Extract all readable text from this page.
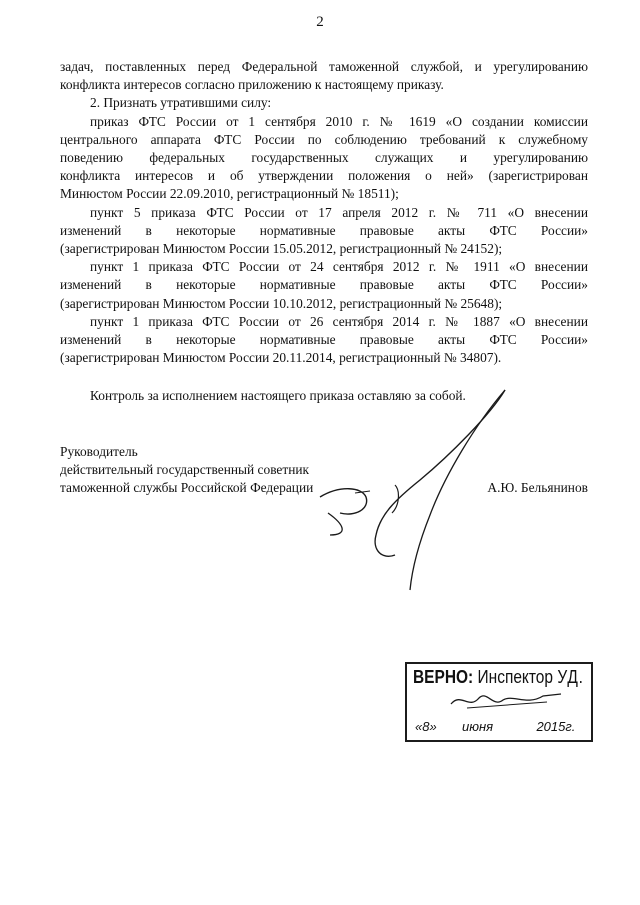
2
задач, поставленных перед Федеральной таможенной службой, и урегулированию
конфликта интересов согласно приложению к настоящему приказу.
2. Признать утратившими силу:
приказ ФТС России от 1 сентября 2010 г. № 1619 «О создании комиссии
центрального аппарата ФТС России по соблюдению требований к служебному
поведению федеральных государственных служащих и урегулированию
конфликта интересов и об утверждении положения о ней» (зарегистрирован
Минюстом России 22.09.2010, регистрационный № 18511);
пункт 5 приказа ФТС России от 17 апреля 2012 г. № 711 «О внесении
изменений в некоторые нормативные правовые акты ФТС России»
(зарегистрирован Минюстом России 15.05.2012, регистрационный № 24152);
пункт 1 приказа ФТС России от 24 сентября 2012 г. № 1911 «О внесении
изменений в некоторые нормативные правовые акты ФТС России»
(зарегистрирован Минюстом России 10.10.2012, регистрационный № 25648);
пункт 1 приказа ФТС России от 26 сентября 2014 г. № 1887 «О внесении
изменений в некоторые нормативные правовые акты ФТС России»
(зарегистрирован Минюстом России 20.11.2014, регистрационный № 34807).
Контроль за исполнением настоящего приказа оставляю за собой.
Руководитель
действительный государственный советник
таможенной службы Российской Федерации	А.Ю. Бельянинов
ВЕРНО: Инспектор УД.
«8» июня	2015г.
